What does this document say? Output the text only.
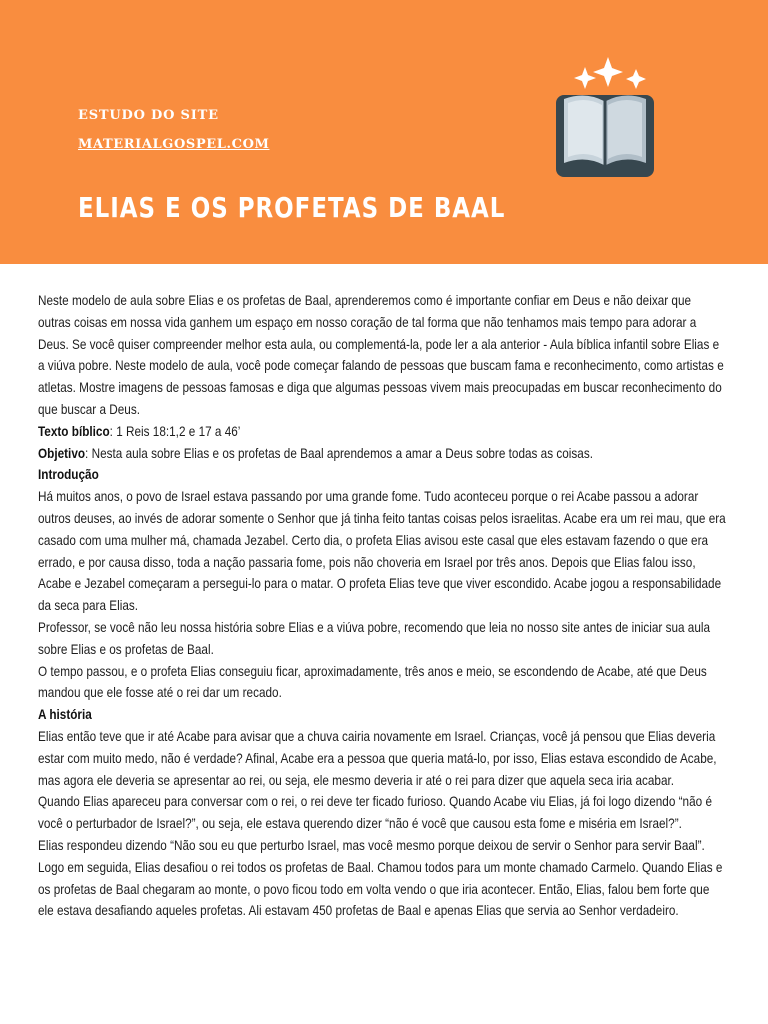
ESTUDO DO SITE

MATERIALGOSPEL.COM
ELIAS E OS PROFETAS DE BAAL

Neste modelo de aula sobre Elias e os profetas de Baal, aprenderemos como é importante confiar em Deus e não deixar que outras coisas em nossa vida ganhem um espaço em nosso coração de tal forma que não tenhamos mais tempo para adorar a Deus. Se você quiser compreender melhor esta aula, ou complementá-la, pode ler a ala anterior - Aula bíblica infantil sobre Elias e a viúva pobre. Neste modelo de aula, você pode começar falando de pessoas que buscam fama e reconhecimento, como artistas e atletas. Mostre imagens de pessoas famosas e diga que algumas pessoas vivem mais preocupadas em buscar reconhecimento do que buscar a Deus.

Texto bíblico: 1 Reis 18:1,2 e 17 a 46’

Objetivo: Nesta aula sobre Elias e os profetas de Baal aprendemos a amar a Deus sobre todas as coisas.

Introdução

Há muitos anos, o povo de Israel estava passando por uma grande fome. Tudo aconteceu porque o rei Acabe passou a adorar outros deuses, ao invés de adorar somente o Senhor que já tinha feito tantas coisas pelos israelitas. Acabe era um rei mau, que era casado com uma mulher má, chamada Jezabel. Certo dia, o profeta Elias avisou este casal que eles estavam fazendo o que era errado, e por causa disso, toda a nação passaria fome, pois não choveria em Israel por três anos. Depois que Elias falou isso, Acabe e Jezabel começaram a persegui-lo para o matar. O profeta Elias teve que viver escondido. Acabe jogou a responsabilidade da seca para Elias.

Professor, se você não leu nossa história sobre Elias e a viúva pobre, recomendo que leia no nosso site antes de iniciar sua aula sobre Elias e os profetas de Baal.

O tempo passou, e o profeta Elias conseguiu ficar, aproximadamente, três anos e meio, se escondendo de Acabe, até que Deus mandou que ele fosse até o rei dar um recado.

A história

Elias então teve que ir até Acabe para avisar que a chuva cairia novamente em Israel. Crianças, você já pensou que Elias deveria estar com muito medo, não é verdade? Afinal, Acabe era a pessoa que queria matá-lo, por isso, Elias estava escondido de Acabe, mas agora ele deveria se apresentar ao rei, ou seja, ele mesmo deveria ir até o rei para dizer que aquela seca iria acabar.

Quando Elias apareceu para conversar com o rei, o rei deve ter ficado furioso. Quando Acabe viu Elias, já foi logo dizendo “não é você o perturbador de Israel?”, ou seja, ele estava querendo dizer “não é você que causou esta fome e miséria em Israel?”.

Elias respondeu dizendo “Não sou eu que perturbo Israel, mas você mesmo porque deixou de servir o Senhor para servir Baal”. Logo em seguida, Elias desafiou o rei todos os profetas de Baal. Chamou todos para um monte chamado Carmelo. Quando Elias e os profetas de Baal chegaram ao monte, o povo ficou todo em volta vendo o que iria acontecer. Então, Elias, falou bem forte que ele estava desafiando aqueles profetas. Ali estavam 450 profetas de Baal e apenas Elias que servia ao Senhor verdadeiro.
